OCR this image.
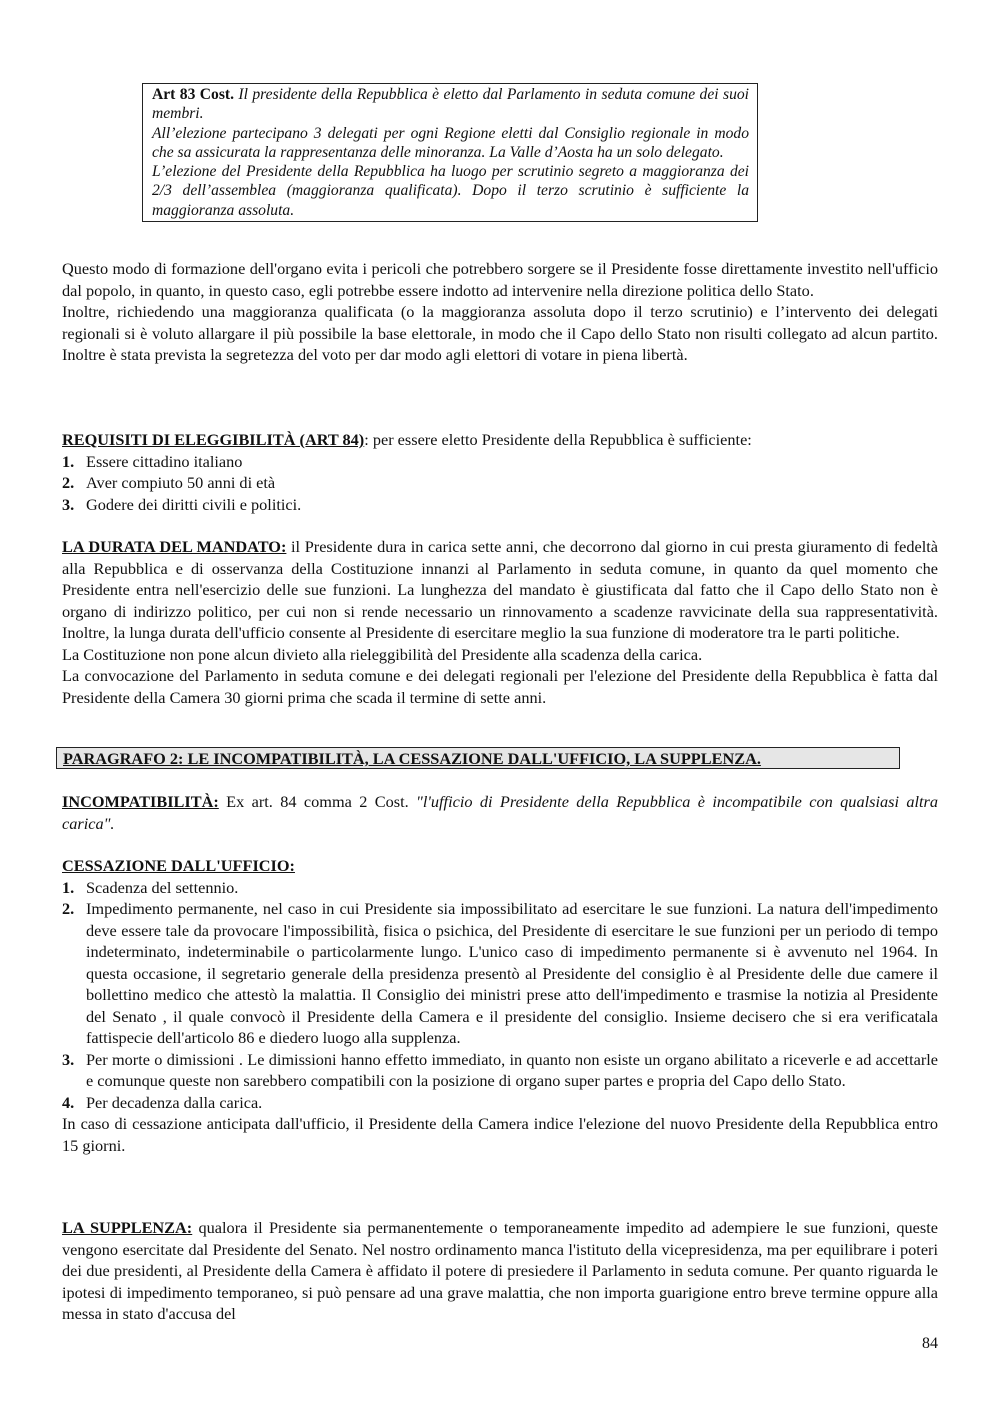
Art 83 Cost. Il presidente della Repubblica è eletto dal Parlamento in seduta comune dei suoi membri.

All’elezione partecipano 3 delegati per ogni Regione eletti dal Consiglio regionale in modo che sa assicurata la rappresentanza delle minoranza. La Valle d’Aosta ha un solo delegato.

L’elezione del Presidente della Repubblica ha luogo per scrutinio segreto a maggioranza dei 2/3 dell’assemblea (maggioranza qualificata). Dopo il terzo scrutinio è sufficiente la maggioranza assoluta.

Questo modo di formazione dell'organo evita i pericoli che potrebbero sorgere se il Presidente fosse direttamente investito nell'ufficio dal popolo, in quanto, in questo caso, egli potrebbe essere indotto ad intervenire nella direzione politica dello Stato.

Inoltre, richiedendo una maggioranza qualificata (o la maggioranza assoluta dopo il terzo scrutinio) e l’intervento dei delegati regionali si è voluto allargare il più possibile la base elettorale, in modo che il Capo dello Stato non risulti collegato ad alcun partito. Inoltre è stata prevista la segretezza del voto per dar modo agli elettori di votare in piena libertà.

REQUISITI DI ELEGGIBILITÀ (ART 84): per essere eletto Presidente della Repubblica è sufficiente:

1. Essere cittadino italiano
2. Aver compiuto 50 anni di età
3. Godere dei diritti civili e politici.

LA DURATA DEL MANDATO: il Presidente dura in carica sette anni, che decorrono dal giorno in cui presta giuramento di fedeltà alla Repubblica e di osservanza della Costituzione innanzi al Parlamento in seduta comune, in quanto da quel momento che Presidente entra nell'esercizio delle sue funzioni. La lunghezza del mandato è giustificata dal fatto che il Capo dello Stato non è organo di indirizzo politico, per cui non si rende necessario un rinnovamento a scadenze ravvicinate della sua rappresentatività. Inoltre, la lunga durata dell'ufficio consente al Presidente di esercitare meglio la sua funzione di moderatore tra le parti politiche.

La Costituzione non pone alcun divieto alla rieleggibilità del Presidente alla scadenza della carica.

La convocazione del Parlamento in seduta comune e dei delegati regionali per l'elezione del Presidente della Repubblica è fatta dal Presidente della Camera 30 giorni prima che scada il termine di sette anni.

PARAGRAFO 2: LE INCOMPATIBILITÀ, LA CESSAZIONE DALL'UFFICIO, LA SUPPLENZA.

INCOMPATIBILITÀ: Ex art. 84 comma 2 Cost. "l'ufficio di Presidente della Repubblica è incompatibile con qualsiasi altra carica".

CESSAZIONE DALL'UFFICIO:

1. Scadenza del settennio.
2. Impedimento permanente, nel caso in cui Presidente sia impossibilitato ad esercitare le sue funzioni. La natura dell'impedimento deve essere tale da provocare l'impossibilità, fisica o psichica, del Presidente di esercitare le sue funzioni per un periodo di tempo indeterminato, indeterminabile o particolarmente lungo. L'unico caso di impedimento permanente si è avvenuto nel 1964. In questa occasione, il segretario generale della presidenza presentò al Presidente del consiglio è al Presidente delle due camere il bollettino medico che attestò la malattia. Il Consiglio dei ministri prese atto dell'impedimento e trasmise la notizia al Presidente del Senato , il quale convocò il Presidente della Camera e il presidente del consiglio. Insieme decisero che si era verificatala fattispecie dell'articolo 86 e diedero luogo alla supplenza.
3. Per morte o dimissioni . Le dimissioni hanno effetto immediato, in quanto non esiste un organo abilitato a riceverle e ad accettarle e comunque queste non sarebbero compatibili con la posizione di organo super partes e propria del Capo dello Stato.
4. Per decadenza dalla carica.

In caso di cessazione anticipata dall'ufficio, il Presidente della Camera indice l'elezione del nuovo Presidente della Repubblica entro 15 giorni.

LA SUPPLENZA: qualora il Presidente sia permanentemente o temporaneamente impedito ad adempiere le sue funzioni, queste vengono esercitate dal Presidente del Senato. Nel nostro ordinamento manca l'istituto della vicepresidenza, ma per equilibrare i poteri dei due presidenti, al Presidente della Camera è affidato il potere di presiedere il Parlamento in seduta comune. Per quanto riguarda le ipotesi di impedimento temporaneo, si può pensare ad una grave malattia, che non importa guarigione entro breve termine oppure alla messa in stato d'accusa del

84
